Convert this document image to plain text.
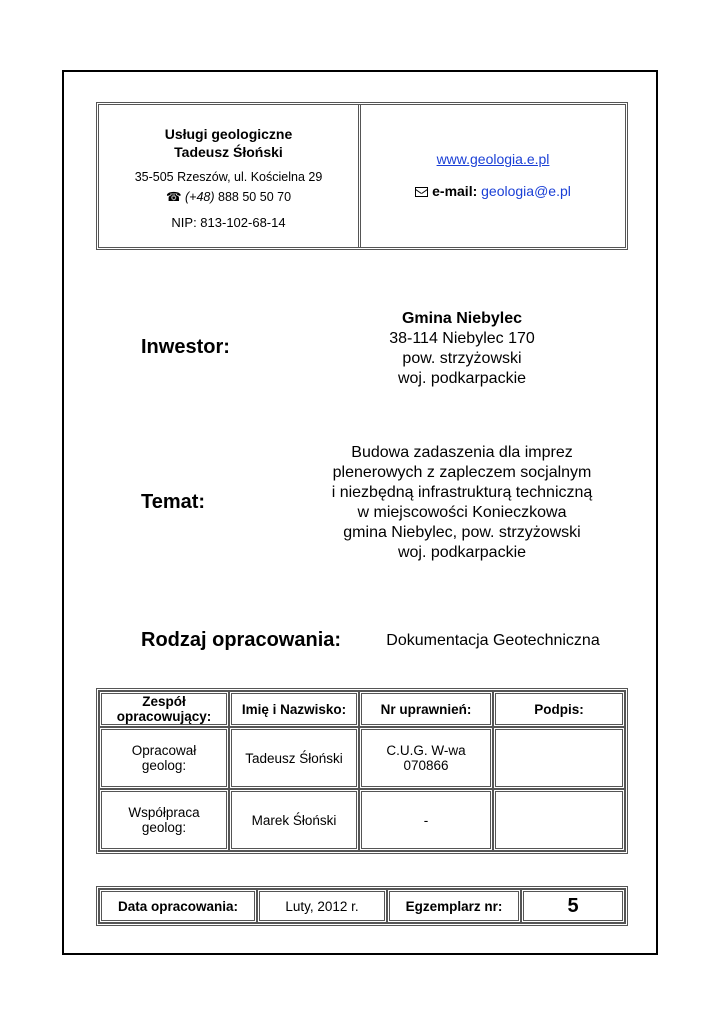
Usługi geologiczne
Tadeusz Śłoński
35-505 Rzeszów, ul. Kościelna 29
☎ (+48) 888 50 50 70
NIP: 813-102-68-14
www.geologia.e.pl
e-mail: geologia@e.pl
Inwestor:
Gmina Niebylec
38-114 Niebylec 170
pow. strzyżowski
woj. podkarpackie
Temat:
Budowa zadaszenia dla imprez
plenerowych z zapleczem socjalnym
i niezbędną infrastrukturą techniczną
w miejscowości Konieczkowa
gmina Niebylec, pow. strzyżowski
woj. podkarpackie
Rodzaj opracowania:	Dokumentacja Geotechniczna
Zespół opracowujący:	Imię i Nazwisko:	Nr uprawnień:	Podpis:
Opracował geolog:	Tadeusz Śłoński	C.U.G. W-wa 070866	
Współpraca geolog:	Marek Śłoński	-	
Data opracowania:	Luty, 2012 r.	Egzemplarz nr:	5
